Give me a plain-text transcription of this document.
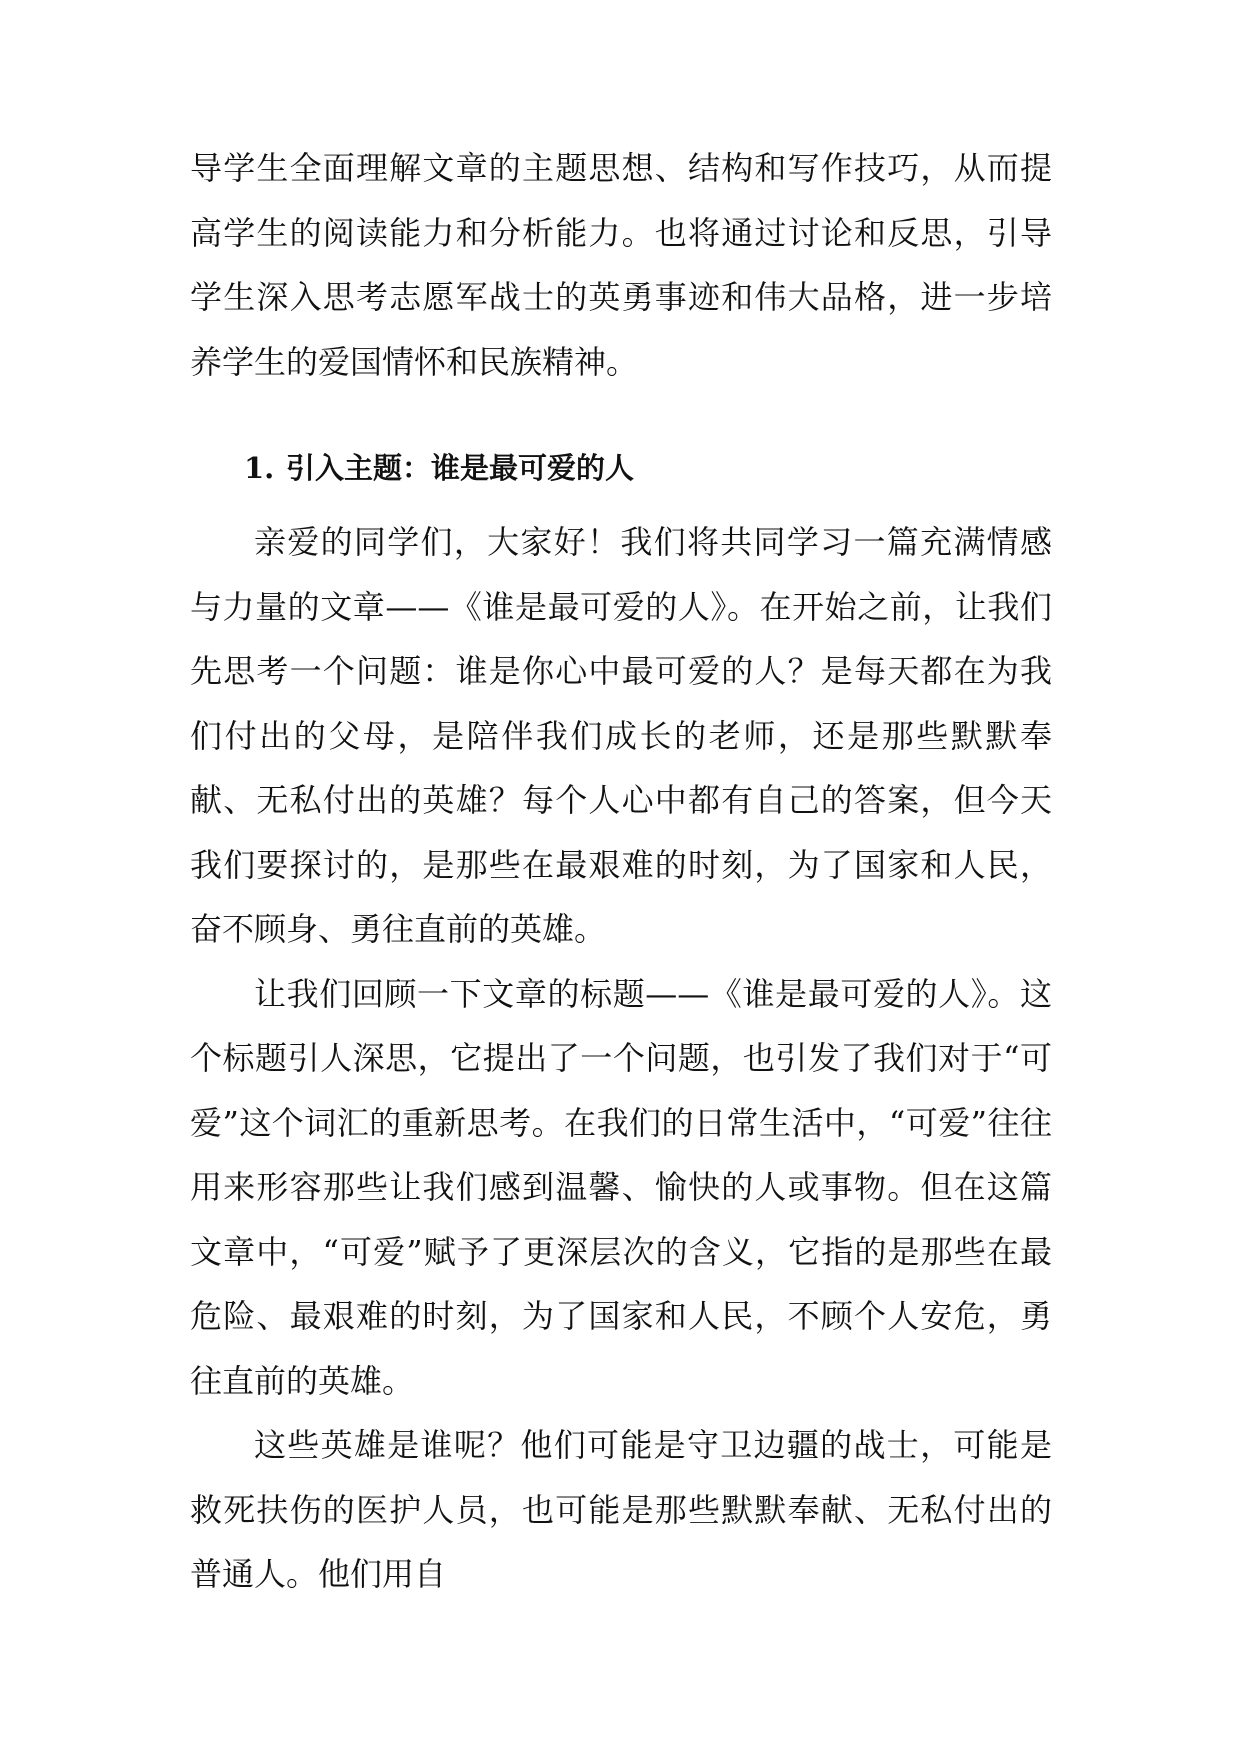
导学生全面理解文章的主题思想、结构和写作技巧，从而提高学生的阅读能力和分析能力。也将通过讨论和反思，引导学生深入思考志愿军战士的英勇事迹和伟大品格，进一步培养学生的爱国情怀和民族精神。

1. 引入主题：谁是最可爱的人

亲爱的同学们，大家好！我们将共同学习一篇充满情感与力量的文章——《谁是最可爱的人》。在开始之前，让我们先思考一个问题：谁是你心中最可爱的人？是每天都在为我们付出的父母，是陪伴我们成长的老师，还是那些默默奉献、无私付出的英雄？每个人心中都有自己的答案，但今天我们要探讨的，是那些在最艰难的时刻，为了国家和人民，奋不顾身、勇往直前的英雄。

让我们回顾一下文章的标题——《谁是最可爱的人》。这个标题引人深思，它提出了一个问题，也引发了我们对于“可爱”这个词汇的重新思考。在我们的日常生活中，“可爱”往往用来形容那些让我们感到温馨、愉快的人或事物。但在这篇文章中，“可爱”赋予了更深层次的含义，它指的是那些在最危险、最艰难的时刻，为了国家和人民，不顾个人安危，勇往直前的英雄。

这些英雄是谁呢？他们可能是守卫边疆的战士，可能是救死扶伤的医护人员，也可能是那些默默奉献、无私付出的普通人。他们用自
